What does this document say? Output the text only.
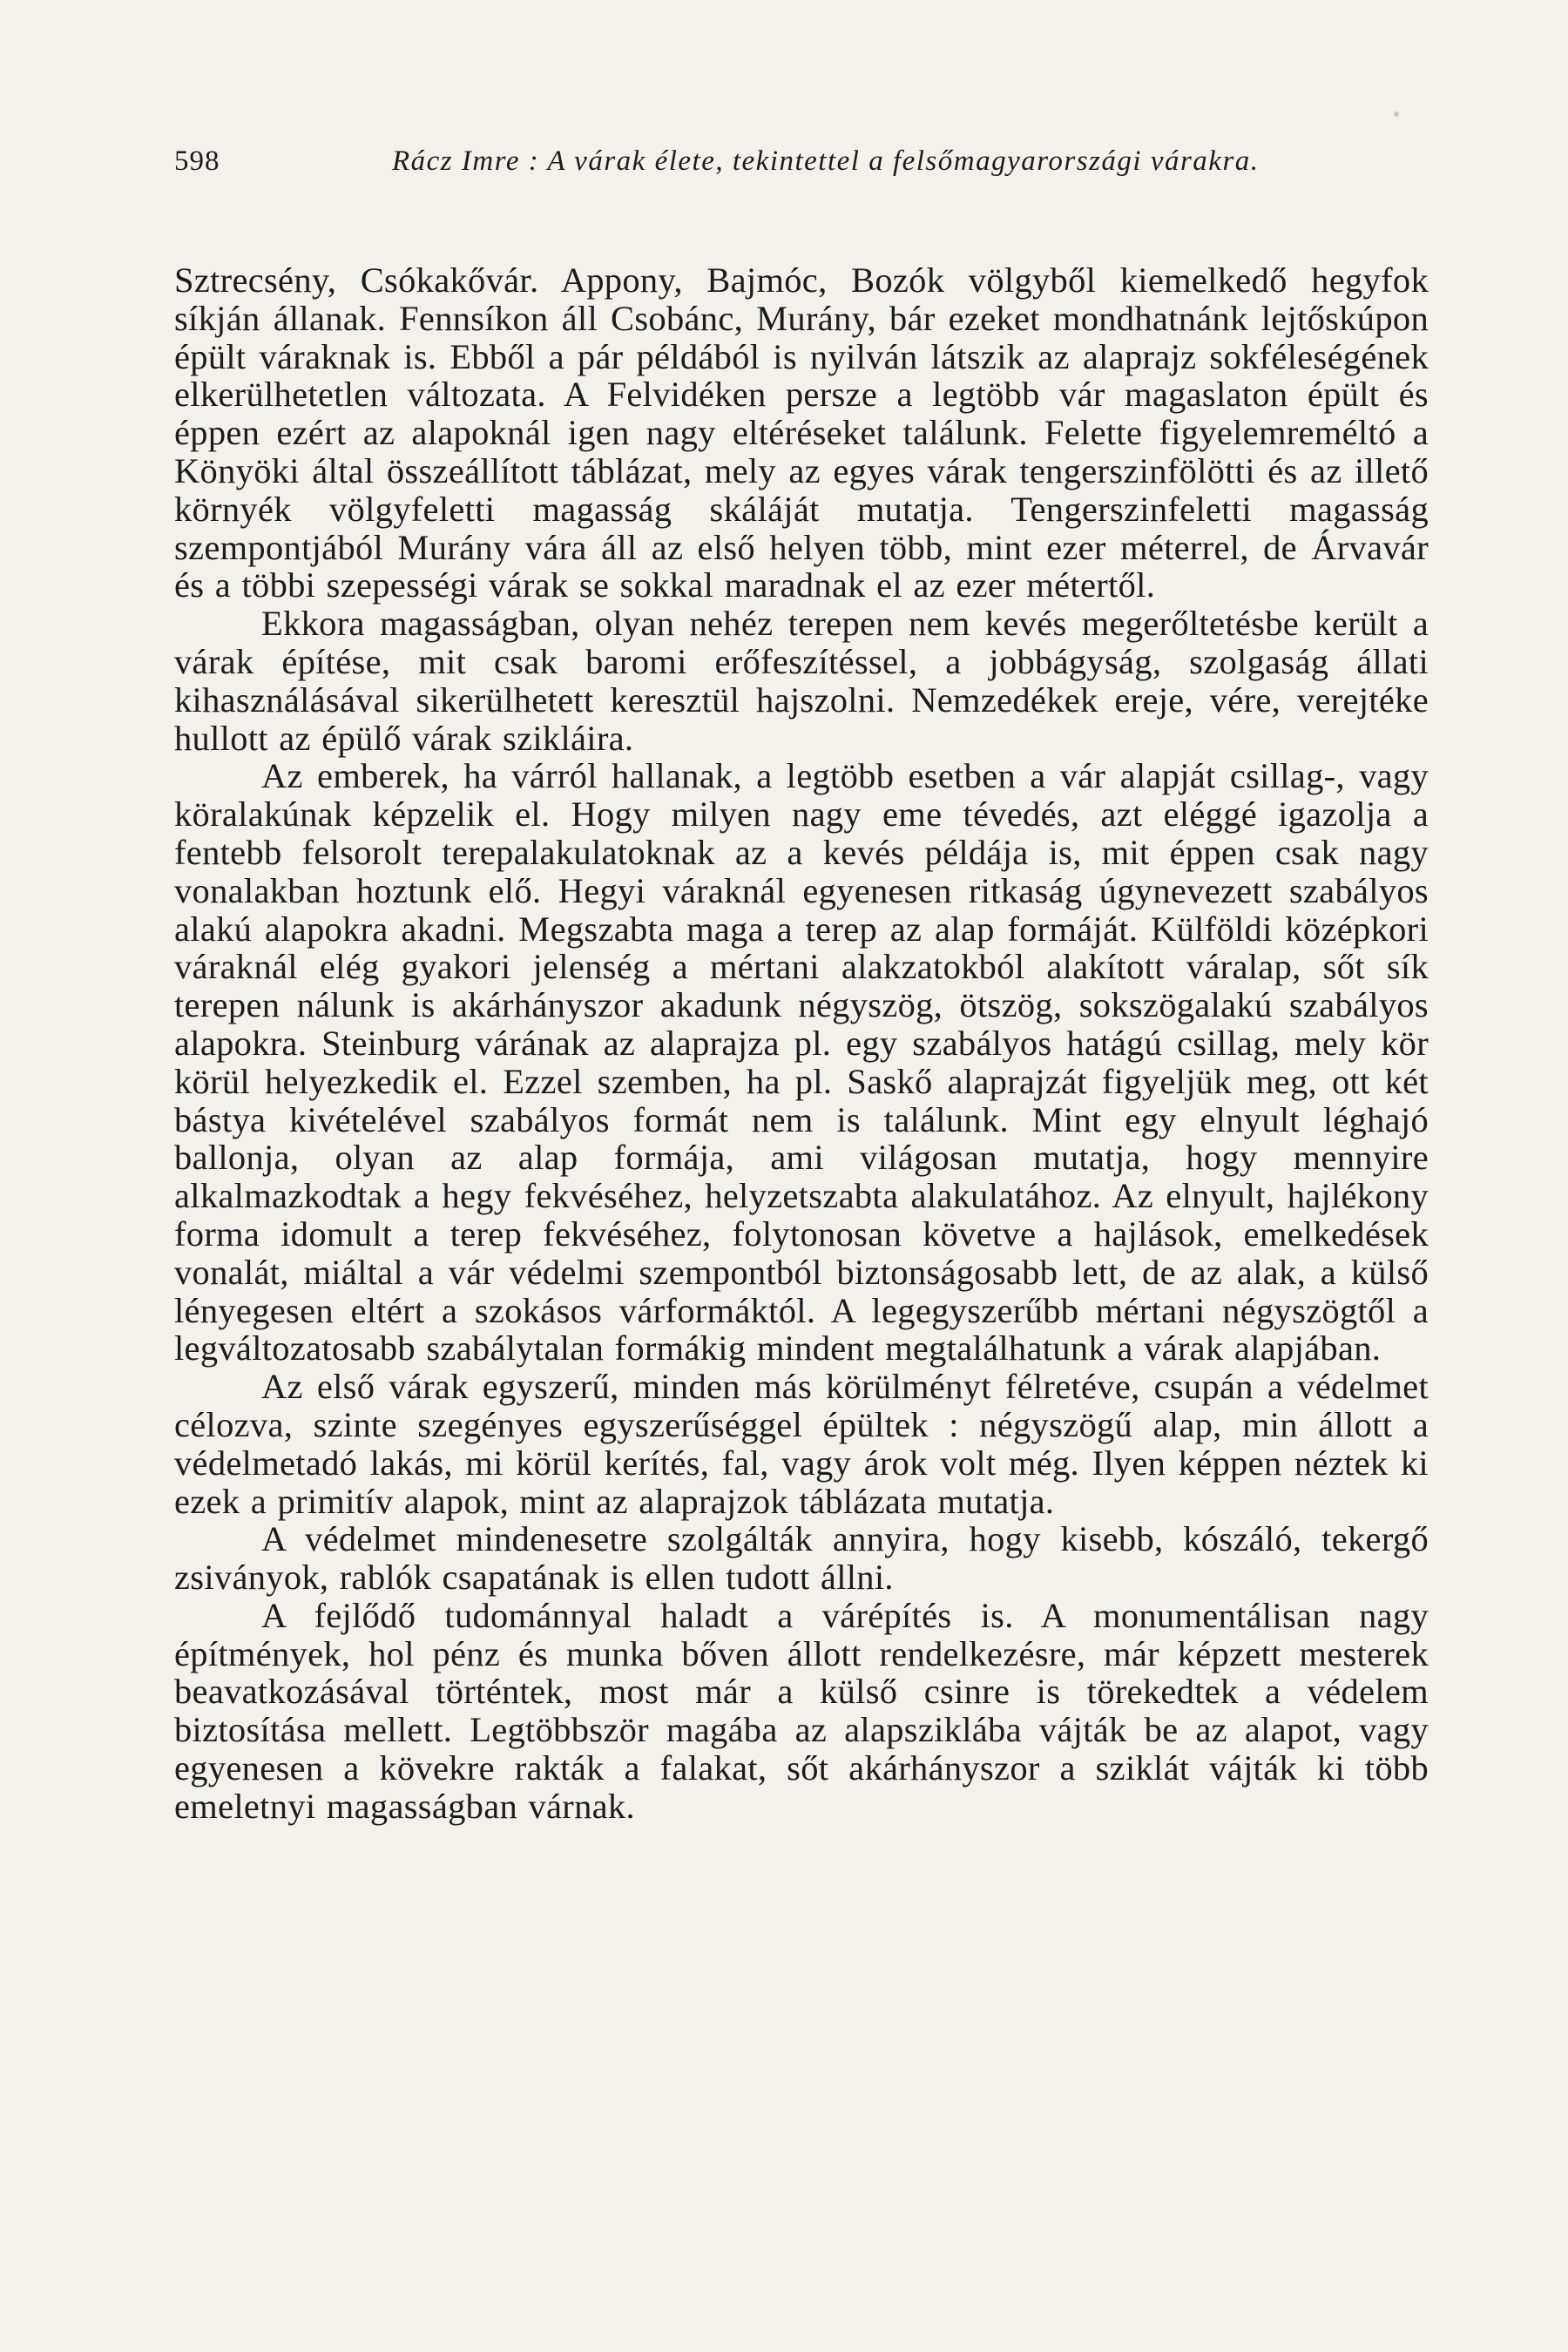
598	Rácz Imre : A várak élete, tekintettel a felsőmagyarországi várakra.

Sztrecsény, Csókakővár. Appony, Bajmóc, Bozók völgyből kiemelkedő hegyfok síkján állanak. Fennsíkon áll Csobánc, Murány, bár ezeket mondhatnánk lejtőskúpon épült váraknak is. Ebből a pár példából is nyilván látszik az alaprajz sokféleségének elkerülhetetlen változata. A Felvidéken persze a legtöbb vár magaslaton épült és éppen ezért az alapoknál igen nagy eltéréseket találunk. Felette figyelemreméltó a Könyöki által összeállított táblázat, mely az egyes várak tengerszinfölötti és az illető környék völgyfeletti magasság skáláját mutatja. Tengerszinfeletti magasság szempontjából Murány vára áll az első helyen több, mint ezer méterrel, de Árvavár és a többi szepességi várak se sokkal maradnak el az ezer métertől.

Ekkora magasságban, olyan nehéz terepen nem kevés megerőltetésbe került a várak építése, mit csak baromi erőfeszítéssel, a jobbágyság, szolgaság állati kihasználásával sikerülhetett keresztül hajszolni. Nemzedékek ereje, vére, verejtéke hullott az épülő várak szikláira.

Az emberek, ha várról hallanak, a legtöbb esetben a vár alapját csillag-, vagy köralakúnak képzelik el. Hogy milyen nagy eme tévedés, azt eléggé igazolja a fentebb felsorolt terepalakulatoknak az a kevés példája is, mit éppen csak nagy vonalakban hoztunk elő. Hegyi váraknál egyenesen ritkaság úgynevezett szabályos alakú alapokra akadni. Megszabta maga a terep az alap formáját. Külföldi középkori váraknál elég gyakori jelenség a mértani alakzatokból alakított váralap, sőt sík terepen nálunk is akárhányszor akadunk négyszög, ötszög, sokszögalakú szabályos alapokra. Steinburg várának az alaprajza pl. egy szabályos hatágú csillag, mely kör körül helyezkedik el. Ezzel szemben, ha pl. Saskő alaprajzát figyeljük meg, ott két bástya kivételével szabályos formát nem is találunk. Mint egy elnyult léghajó ballonja, olyan az alap formája, ami világosan mutatja, hogy mennyire alkalmazkodtak a hegy fekvéséhez, helyzetszabta alakulatához. Az elnyult, hajlékony forma idomult a terep fekvéséhez, folytonosan követve a hajlások, emelkedések vonalát, miáltal a vár védelmi szempontból biztonságosabb lett, de az alak, a külső lényegesen eltért a szokásos várformáktól. A legegyszerűbb mértani négyszögtől a legváltozatosabb szabálytalan formákig mindent megtalálhatunk a várak alapjában.

Az első várak egyszerű, minden más körülményt félretéve, csupán a védelmet célozva, szinte szegényes egyszerűséggel épültek : négyszögű alap, min állott a védelmetadó lakás, mi körül kerítés, fal, vagy árok volt még. Ilyen képpen néztek ki ezek a primitív alapok, mint az alaprajzok táblázata mutatja.

A védelmet mindenesetre szolgálták annyira, hogy kisebb, kószáló, tekergő zsiványok, rablók csapatának is ellen tudott állni.

A fejlődő tudománnyal haladt a várépítés is. A monumentálisan nagy építmények, hol pénz és munka bőven állott rendelkezésre, már képzett mesterek beavatkozásával történtek, most már a külső csinre is törekedtek a védelem biztosítása mellett. Legtöbbször magába az alapsziklába vájták be az alapot, vagy egyenesen a kövekre rakták a falakat, sőt akárhányszor a sziklát vájták ki több emeletnyi magasságban várnak.
